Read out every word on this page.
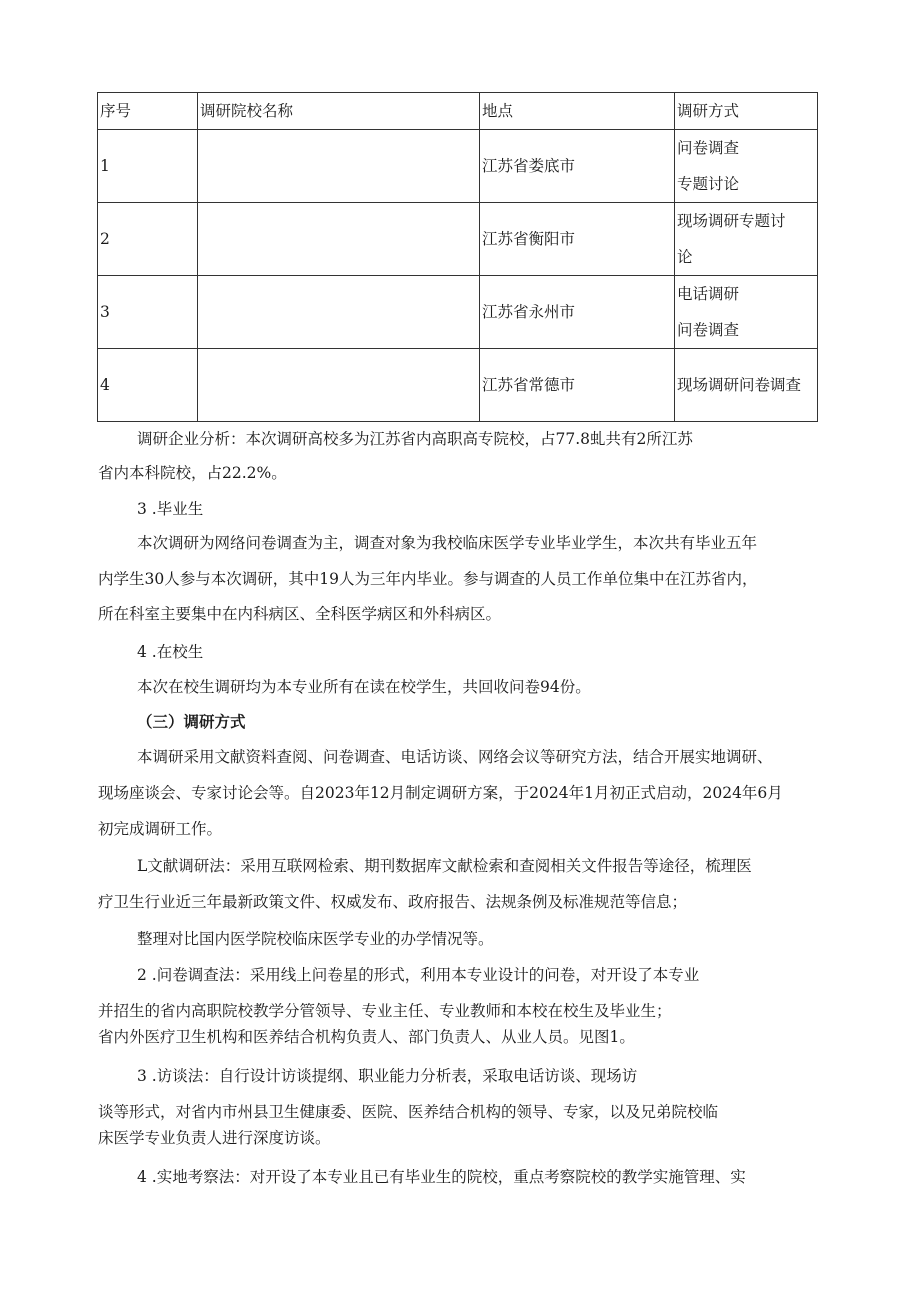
序号	调研院校名称	地点	调研方式
1		江苏省娄底市	问卷调查
专题讨论

2		江苏省衡阳市	现场调研专题讨
论

3		江苏省永州市	电话调研
问卷调查

4		江苏省常德市	现场调研问卷调查

调研企业分析：本次调研高校多为江苏省内高职高专院校，占77.8虬共有2所江苏

省内本科院校，占22.2%。

3 .毕业生

本次调研为网络问卷调查为主，调查对象为我校临床医学专业毕业学生，本次共有毕业五年

内学生30人参与本次调研，其中19人为三年内毕业。参与调查的人员工作单位集中在江苏省内，

所在科室主要集中在内科病区、全科医学病区和外科病区。

4 .在校生

本次在校生调研均为本专业所有在读在校学生，共回收问卷94份。

（三）调研方式

本调研采用文献资料查阅、问卷调查、电话访谈、网络会议等研究方法，结合开展实地调研、

现场座谈会、专家讨论会等。自2023年12月制定调研方案，于2024年1月初正式启动，2024年6月

初完成调研工作。

L文献调研法：采用互联网检索、期刊数据库文献检索和查阅相关文件报告等途径，梳理医

疗卫生行业近三年最新政策文件、权威发布、政府报告、法规条例及标准规范等信息；

整理对比国内医学院校临床医学专业的办学情况等。

2 .问卷调查法：采用线上问卷星的形式，利用本专业设计的问卷，对开设了本专业

并招生的省内高职院校教学分管领导、专业主任、专业教师和本校在校生及毕业生；

省内外医疗卫生机构和医养结合机构负责人、部门负责人、从业人员。见图1。

3 .访谈法：自行设计访谈提纲、职业能力分析表，采取电话访谈、现场访

谈等形式，对省内市州县卫生健康委、医院、医养结合机构的领导、专家，以及兄弟院校临

床医学专业负责人进行深度访谈。

4 .实地考察法：对开设了本专业且已有毕业生的院校，重点考察院校的教学实施管理、实
